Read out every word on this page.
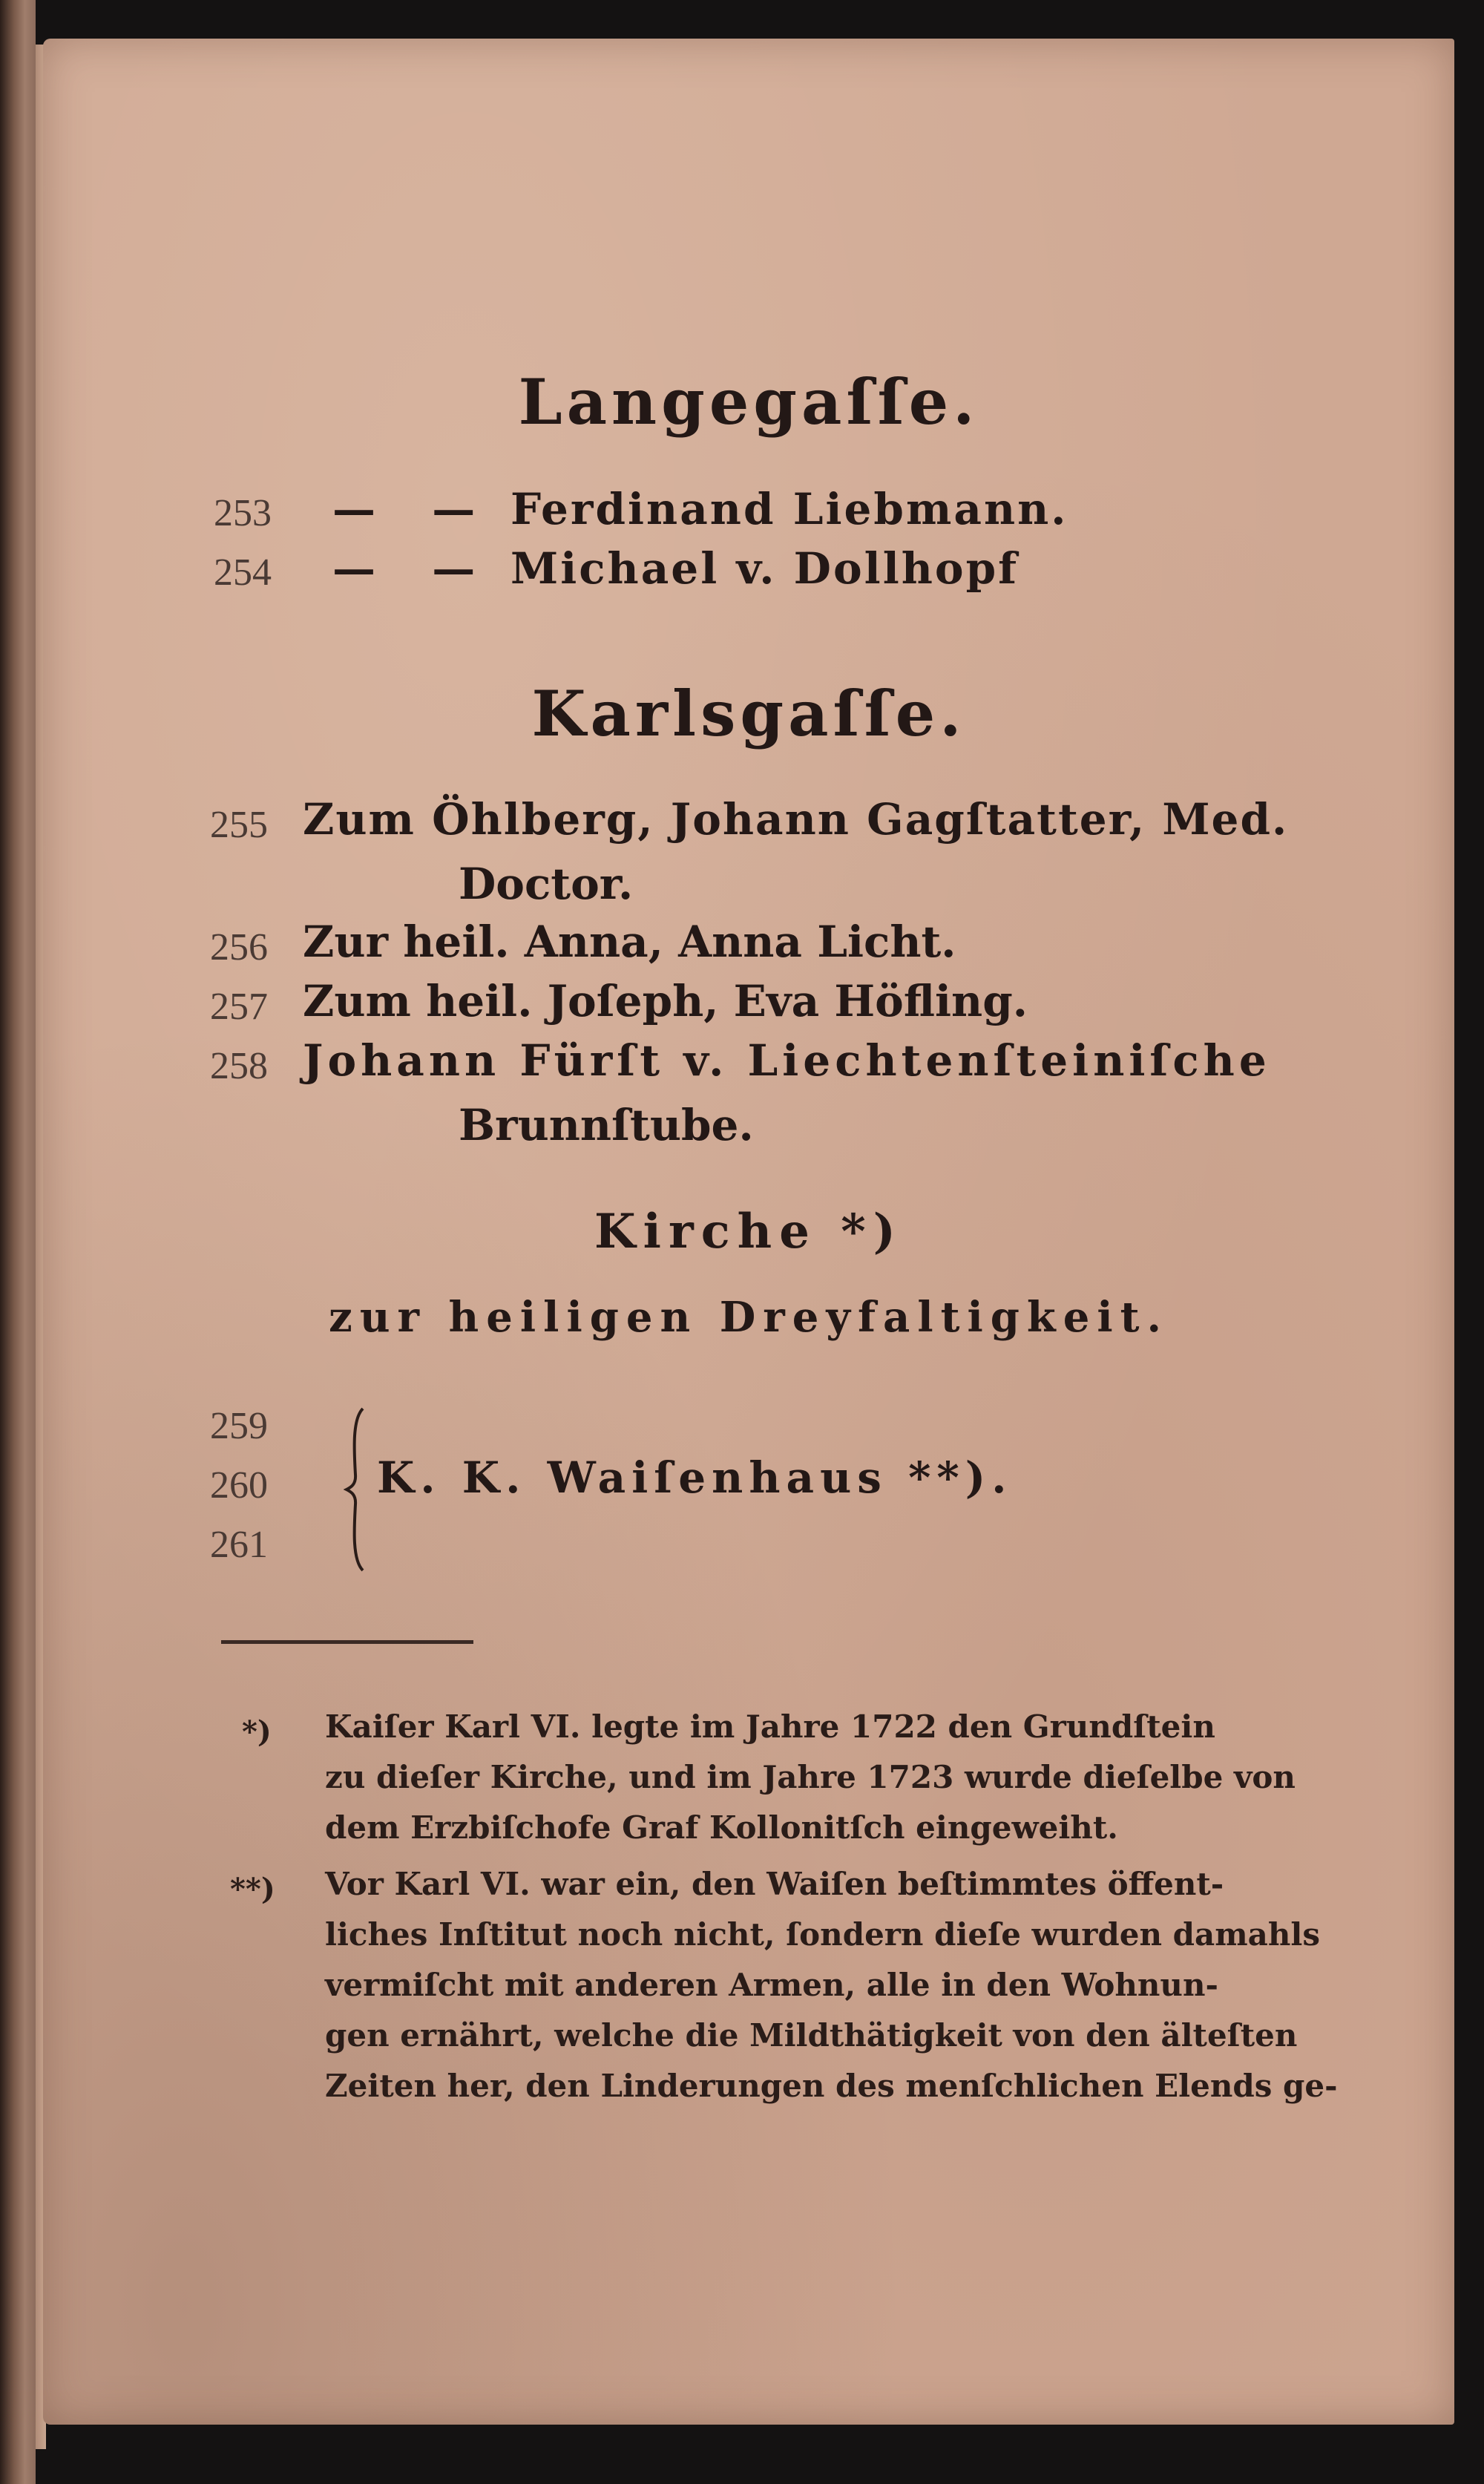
Langegaſſe.
253 — — Ferdinand Liebmann.
254 — — Michael v. Dollhopf
Karlsgaſſe.
255 Zum Öhlberg, Johann Gagſtatter, Med.
Doctor.
256 Zur heil. Anna, Anna Licht.
257 Zum heil. Joſeph, Eva Höfling.
258 Johann Fürſt v. Liechtenſteiniſche
Brunnſtube.
Kirche *)
zur heiligen Dreyfaltigkeit.
259
260
261
K. K. Waiſenhaus **).
*) Kaiſer Karl VI. legte im Jahre 1722 den Grundſtein
zu dieſer Kirche, und im Jahre 1723 wurde dieſelbe von
dem Erzbiſchofe Graf Kollonitſch eingeweiht.
**) Vor Karl VI. war ein, den Waiſen beſtimmtes öffent-
liches Inſtitut noch nicht, ſondern dieſe wurden damahls
vermiſcht mit anderen Armen, alle in den Wohnun-
gen ernährt, welche die Mildthätigkeit von den älteſten
Zeiten her, den Linderungen des menſchlichen Elends ge-
